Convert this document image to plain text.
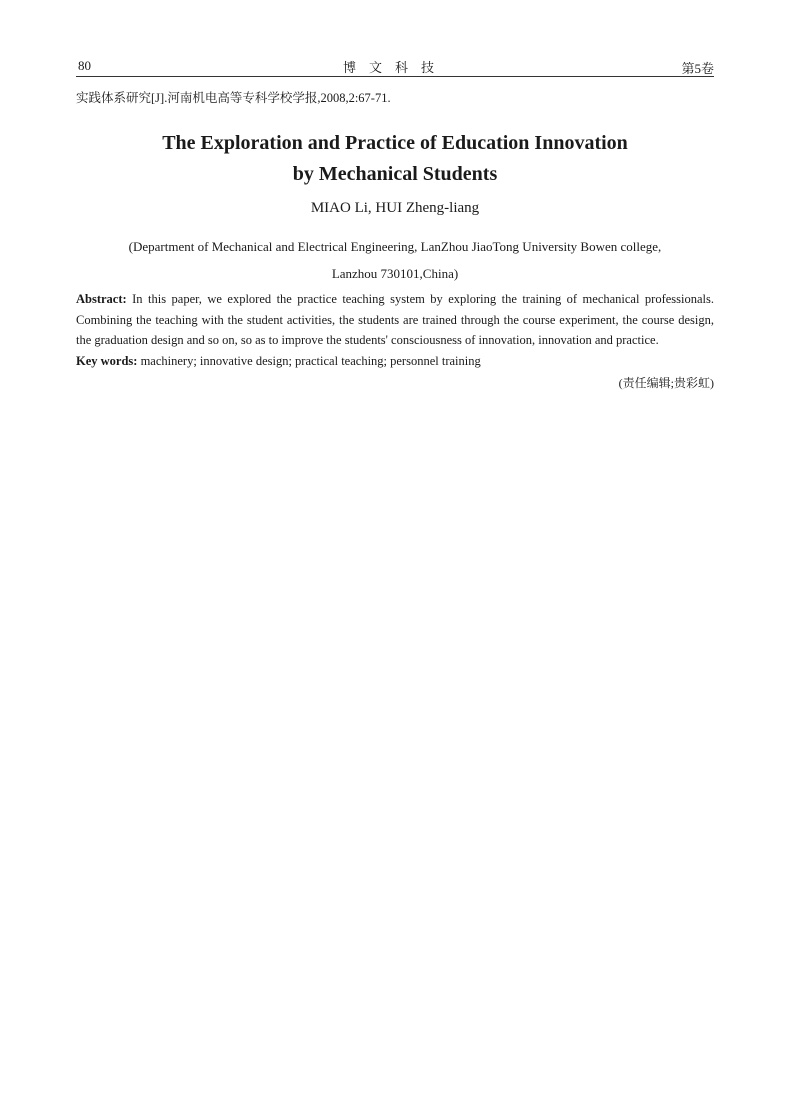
80	博文科技	第5卷
实践体系研究[J].河南机电高等专科学校学报,2008,2:67-71.
The Exploration and Practice of Education Innovation
by Mechanical Students
MIAO Li, HUI Zheng-liang
(Department of Mechanical and Electrical Engineering, LanZhou JiaoTong University Bowen college,
Lanzhou 730101,China)
Abstract: In this paper, we explored the practice teaching system by exploring the training of mechanical professionals. Combining the teaching with the student activities, the students are trained through the course experiment, the course design, the graduation design and so on, so as to improve the students' consciousness of innovation, innovation and practice.
Key words: machinery; innovative design; practical teaching; personnel training
(责任编辑;贵彩虹)
